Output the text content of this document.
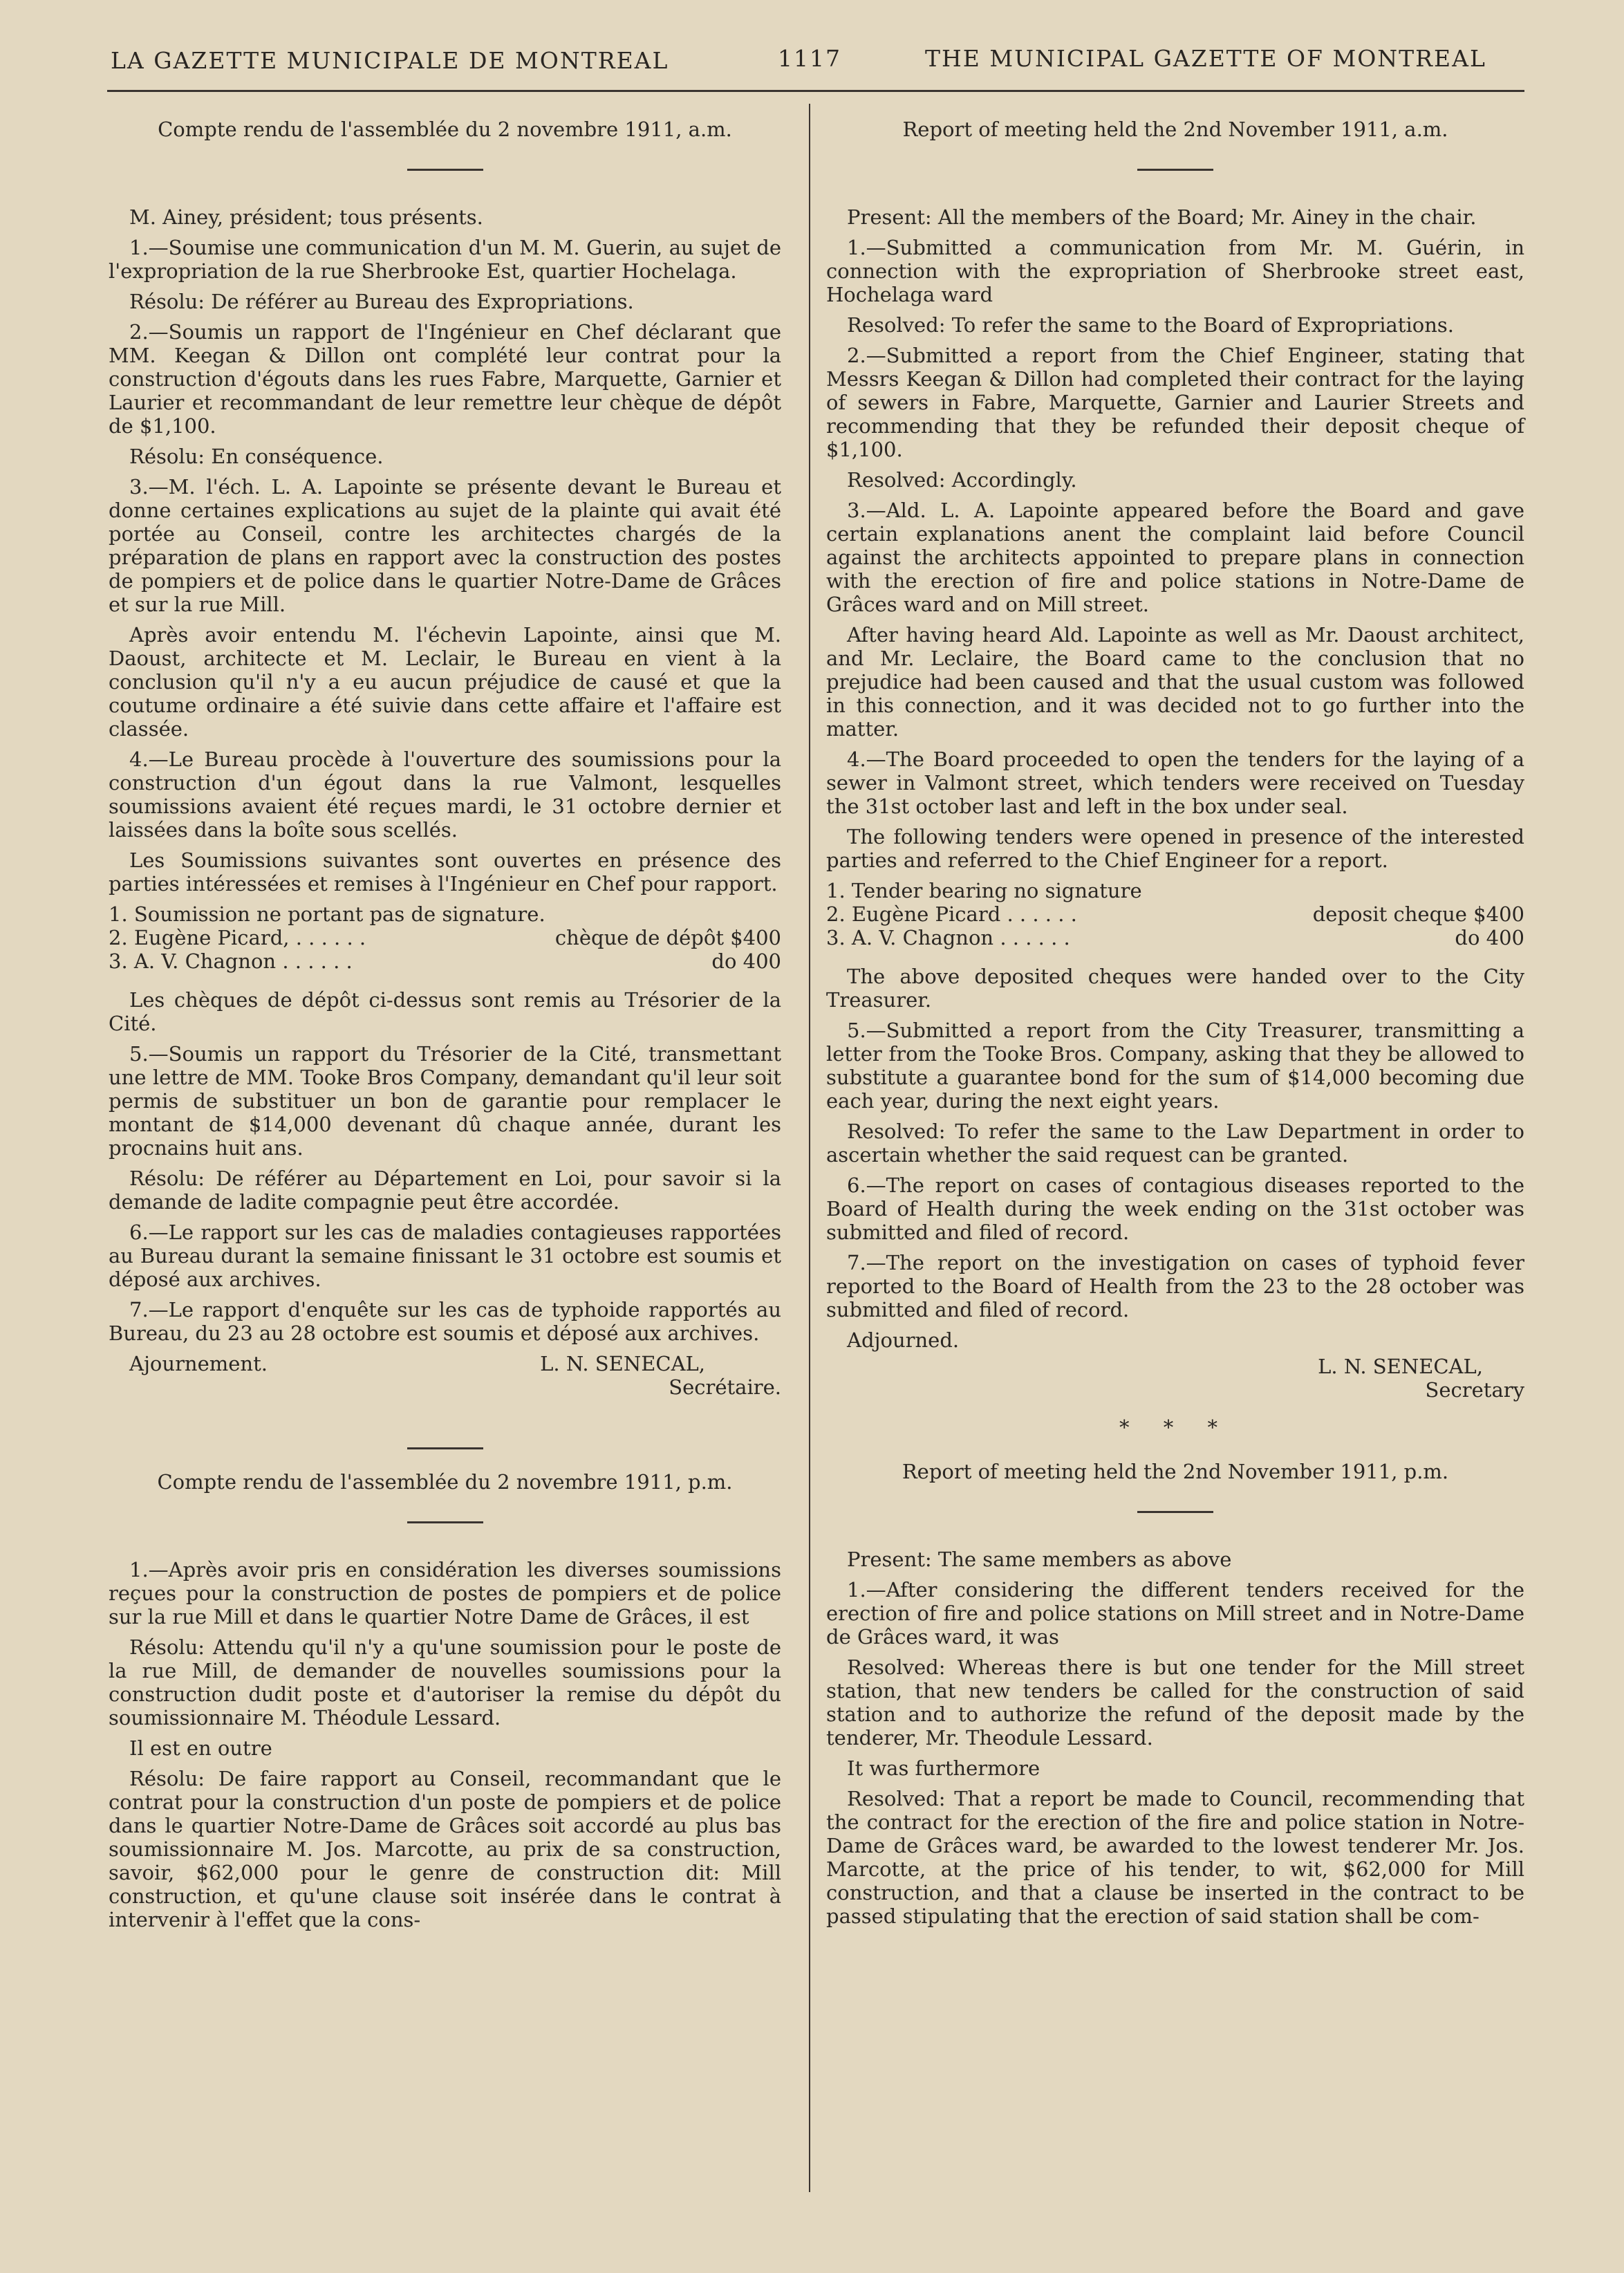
LA GAZETTE MUNICIPALE DE MONTREAL	1117	THE MUNICIPAL GAZETTE OF MONTREAL

Compte rendu de l'assemblée du 2 novembre 1911, a.m.

M. Ainey, président; tous présents.

1.—Soumise une communication d'un M. M. Guerin, au sujet de l'expropriation de la rue Sherbrooke Est, quartier Hochelaga.

Résolu: De référer au Bureau des Expropriations.

2.—Soumis un rapport de l'Ingénieur en Chef déclarant que MM. Keegan & Dillon ont complété leur contrat pour la construction d'égouts dans les rues Fabre, Marquette, Garnier et Laurier et recommandant de leur remettre leur chèque de dépôt de $1,100.

Résolu: En conséquence.

3.—M. l'éch. L. A. Lapointe se présente devant le Bureau et donne certaines explications au sujet de la plainte qui avait été portée au Conseil, contre les architectes chargés de la préparation de plans en rapport avec la construction des postes de pompiers et de police dans le quartier Notre-Dame de Grâces et sur la rue Mill.

Après avoir entendu M. l'échevin Lapointe, ainsi que M. Daoust, architecte et M. Leclair, le Bureau en vient à la conclusion qu'il n'y a eu aucun préjudice de causé et que la coutume ordinaire a été suivie dans cette affaire et l'affaire est classée.

4.—Le Bureau procède à l'ouverture des soumissions pour la construction d'un égout dans la rue Valmont, lesquelles soumissions avaient été reçues mardi, le 31 octobre dernier et laissées dans la boîte sous scellés.

Les Soumissions suivantes sont ouvertes en présence des parties intéressées et remises à l'Ingénieur en Chef pour rapport.

1. Soumission ne portant pas de signature.
2. Eugène Picard, . . . . . .	chèque de dépôt $400
3. A. V. Chagnon . . . . . .	do 400

Les chèques de dépôt ci-dessus sont remis au Trésorier de la Cité.

5.—Soumis un rapport du Trésorier de la Cité, transmettant une lettre de MM. Tooke Bros Company, demandant qu'il leur soit permis de substituer un bon de garantie pour remplacer le montant de $14,000 devenant dû chaque année, durant les procnains huit ans.

Résolu: De référer au Département en Loi, pour savoir si la demande de ladite compagnie peut être accordée.

6.—Le rapport sur les cas de maladies contagieuses rapportées au Bureau durant la semaine finissant le 31 octobre est soumis et déposé aux archives.

7.—Le rapport d'enquête sur les cas de typhoide rapportés au Bureau, du 23 au 28 octobre est soumis et déposé aux archives.

Ajournement.	L. N. SENECAL,
Secrétaire.

Compte rendu de l'assemblée du 2 novembre 1911, p.m.

1.—Après avoir pris en considération les diverses soumissions reçues pour la construction de postes de pompiers et de police sur la rue Mill et dans le quartier Notre Dame de Grâces, il est

Résolu: Attendu qu'il n'y a qu'une soumission pour le poste de la rue Mill, de demander de nouvelles soumissions pour la construction dudit poste et d'autoriser la remise du dépôt du soumissionnaire M. Théodule Lessard.

Il est en outre

Résolu: De faire rapport au Conseil, recommandant que le contrat pour la construction d'un poste de pompiers et de police dans le quartier Notre-Dame de Grâces soit accordé au plus bas soumissionnaire M. Jos. Marcotte, au prix de sa construction, savoir, $62,000 pour le genre de construction dit: Mill construction, et qu'une clause soit insérée dans le contrat à intervenir à l'effet que la cons-

Report of meeting held the 2nd November 1911, a.m.

Present: All the members of the Board; Mr. Ainey in the chair.

1.—Submitted a communication from Mr. M. Guérin, in connection with the expropriation of Sherbrooke street east, Hochelaga ward

Resolved: To refer the same to the Board of Expropriations.

2.—Submitted a report from the Chief Engineer, stating that Messrs Keegan & Dillon had completed their contract for the laying of sewers in Fabre, Marquette, Garnier and Laurier Streets and recommending that they be refunded their deposit cheque of $1,100.

Resolved: Accordingly.

3.—Ald. L. A. Lapointe appeared before the Board and gave certain explanations anent the complaint laid before Council against the architects appointed to prepare plans in connection with the erection of fire and police stations in Notre-Dame de Grâces ward and on Mill street.

After having heard Ald. Lapointe as well as Mr. Daoust architect, and Mr. Leclaire, the Board came to the conclusion that no prejudice had been caused and that the usual custom was followed in this connection, and it was decided not to go further into the matter.

4.—The Board proceeded to open the tenders for the laying of a sewer in Valmont street, which tenders were received on Tuesday the 31st october last and left in the box under seal.

The following tenders were opened in presence of the interested parties and referred to the Chief Engineer for a report.

1. Tender bearing no signature
2. Eugène Picard . . . . . .	deposit cheque $400
3. A. V. Chagnon . . . . . .	do 400

The above deposited cheques were handed over to the City Treasurer.

5.—Submitted a report from the City Treasurer, transmitting a letter from the Tooke Bros. Company, asking that they be allowed to substitute a guarantee bond for the sum of $14,000 becoming due each year, during the next eight years.

Resolved: To refer the same to the Law Department in order to ascertain whether the said request can be granted.

6.—The report on cases of contagious diseases reported to the Board of Health during the week ending on the 31st october was submitted and filed of record.

7.—The report on the investigation on cases of typhoid fever reported to the Board of Health from the 23 to the 28 october was submitted and filed of record.

Adjourned.

L. N. SENECAL,
Secretary
* * *

Report of meeting held the 2nd November 1911, p.m.

Present: The same members as above

1.—After considering the different tenders received for the erection of fire and police stations on Mill street and in Notre-Dame de Grâces ward, it was

Resolved: Whereas there is but one tender for the Mill street station, that new tenders be called for the construction of said station and to authorize the refund of the deposit made by the tenderer, Mr. Theodule Lessard.

It was furthermore

Resolved: That a report be made to Council, recommending that the contract for the erection of the fire and police station in Notre-Dame de Grâces ward, be awarded to the lowest tenderer Mr. Jos. Marcotte, at the price of his tender, to wit, $62,000 for Mill construction, and that a clause be inserted in the contract to be passed stipulating that the erection of said station shall be com-
